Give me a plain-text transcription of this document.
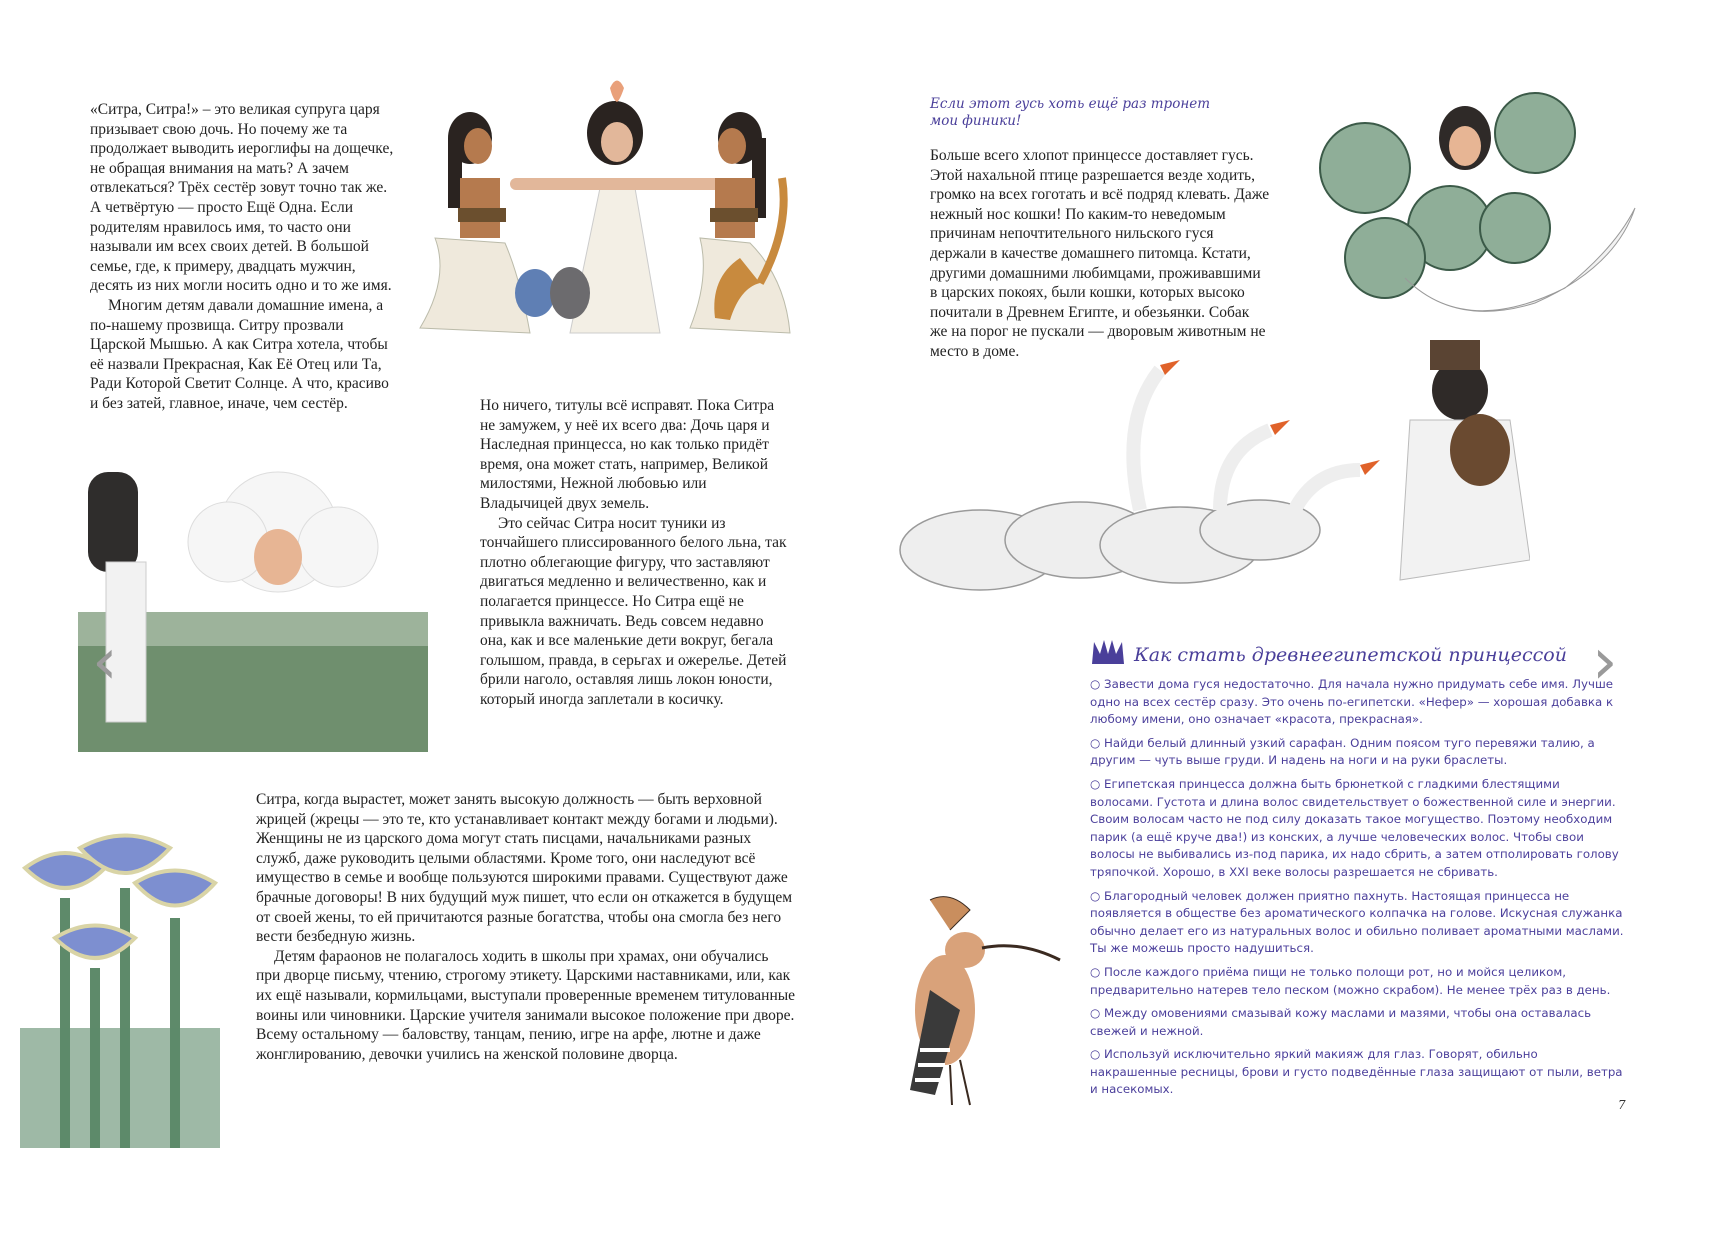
«Ситра, Ситра!» – это великая супруга царя призывает свою дочь. Но почему же та продолжает выводить иероглифы на дощечке, не обращая внимания на мать? А зачем отвлекаться? Трёх сестёр зовут точно так же. А четвёртую — просто Ещё Одна. Если родителям нравилось имя, то часто они называли им всех своих детей. В большой семье, где, к примеру, двадцать мужчин, десять из них могли носить одно и то же имя.

Многим детям давали домашние имена, а по-нашему прозвища. Ситру прозвали Царской Мышью. А как Ситра хотела, чтобы её назвали Прекрасная, Как Её Отец или Та, Ради Которой Светит Солнце. А что, красиво и без затей, главное, иначе, чем сестёр.	Но ничего, титулы всё исправят. Пока Ситра не замужем, у неё их всего два: Дочь царя и Наследная принцесса, но как только придёт время, она может стать, например, Великой милостями, Нежной любовью или Владычицей двух земель.

Это сейчас Ситра носит туники из тончайшего плиссированного белого льна, так плотно облегающие фигуру, что заставляют двигаться медленно и величественно, как и полагается принцессе. Но Ситра ещё не привыкла важничать. Ведь совсем недавно она, как и все маленькие дети вокруг, бегала голышом, правда, в серьгах и ожерелье. Детей брили наголо, оставляя лишь локон юности, который иногда заплетали в косичку.

Ситра, когда вырастет, может занять высокую должность — быть верховной жрицей (жрецы — это те, кто устанавливает контакт между богами и людьми). Женщины не из царского дома могут стать писцами, начальниками разных служб, даже руководить целыми областями. Кроме того, они наследуют всё имущество в семье и вообще пользуются широкими правами. Существуют даже брачные договоры! В них будущий муж пишет, что если он откажется в будущем от своей жены, то ей причитаются разные богатства, чтобы она смогла без него вести безбедную жизнь.

Детям фараонов не полагалось ходить в школы при храмах, они обучались при дворце письму, чтению, строгому этикету. Царскими наставниками, или, как их ещё называли, кормильцами, выступали проверенные временем титулованные воины или чиновники. Царские учителя занимали высокое положение при дворе. Всему остальному — баловству, танцам, пению, игре на арфе, лютне и даже жонглированию, девочки учились на женской половине дворца.

‹
Если этот гусь хоть ещё раз тронет мои финики!

Больше всего хлопот принцессе доставляет гусь. Этой нахальной птице разрешается везде ходить, громко на всех гоготать и всё подряд клевать. Даже нежный нос кошки! По каким-то неведомым причинам непочтительного нильского гуся держали в качестве домашнего питомца. Кстати, другими домашними любимцами, проживавшими в царских покоях, были кошки, которых высоко почитали в Древнем Египте, и обезьянки. Собак же на порог не пускали — дворовым животным не место в доме.

Как стать древнеегипетской принцессой

○ Завести дома гуся недостаточно. Для начала нужно придумать себе имя. Лучше одно на всех сестёр сразу. Это очень по-египетски. «Нефер» — хорошая добавка к любому имени, оно означает «красота, прекрасная».

○ Найди белый длинный узкий сарафан. Одним поясом туго перевяжи талию, а другим — чуть выше груди. И надень на ноги и на руки браслеты.

○ Египетская принцесса должна быть брюнеткой с гладкими блестящими волосами. Густота и длина волос свидетельствует о божественной силе и энергии. Своим волосам часто не под силу доказать такое могущество. Поэтому необходим парик (а ещё круче два!) из конских, а лучше человеческих волос. Чтобы свои волосы не выбивались из-под парика, их надо сбрить, а затем отполировать голову тряпочкой. Хорошо, в XXI веке волосы разрешается не сбривать.

○ Благородный человек должен приятно пахнуть. Настоящая принцесса не появляется в обществе без ароматического колпачка на голове. Искусная служанка обычно делает его из натуральных волос и обильно поливает ароматными маслами. Ты же можешь просто надушиться.

○ После каждого приёма пищи не только полощи рот, но и мойся целиком, предварительно натерев тело песком (можно скрабом). Не менее трёх раз в день.

○ Между омовениями смазывай кожу маслами и мазями, чтобы она оставалась свежей и нежной.

○ Используй исключительно яркий макияж для глаз. Говорят, обильно накрашенные ресницы, брови и густо подведённые глаза защищают от пыли, ветра и насекомых.

7
›
